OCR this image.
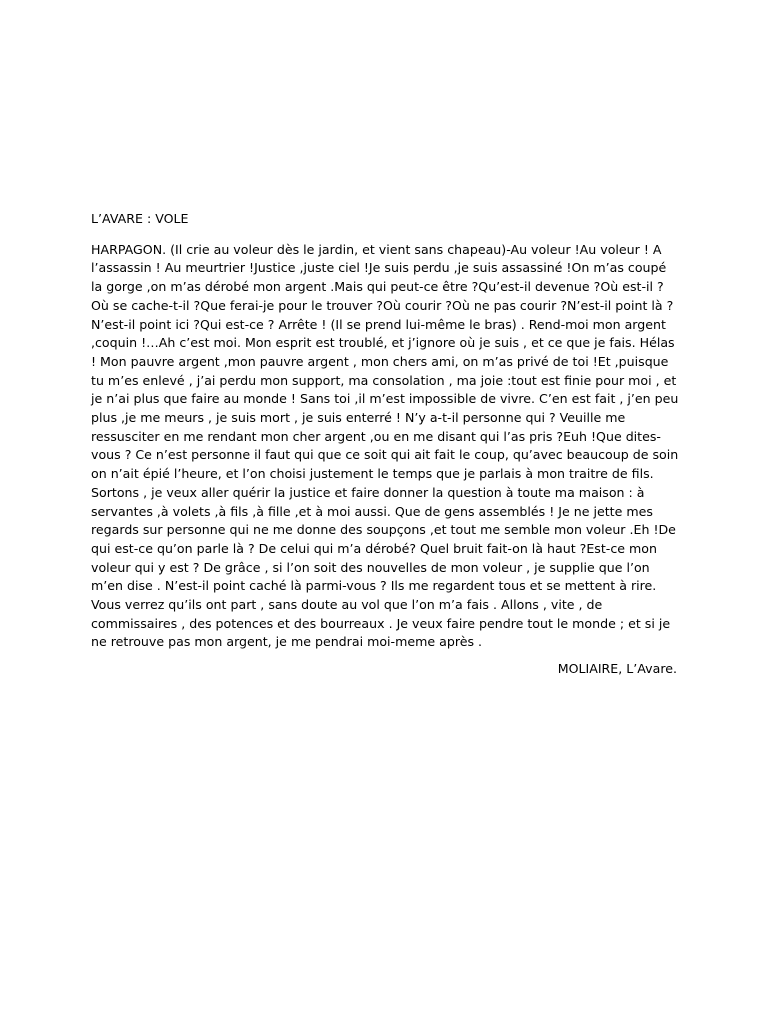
L’AVARE : VOLE

HARPAGON. (Il crie au voleur dès le jardin, et vient sans chapeau)-Au voleur !Au voleur ! A l’assassin ! Au meurtrier !Justice ,juste ciel !Je suis perdu ,je suis assassiné !On m’as coupé la gorge ,on m’as dérobé mon argent .Mais qui peut-ce être ?Qu’est-il devenue ?Où est-il ?Où se cache-t-il ?Que ferai-je pour le trouver ?Où courir ?Où ne pas courir ?N’est-il point là ?N’est-il point ici ?Qui est-ce ? Arrête ! (Il se prend lui-même le bras) . Rend-moi mon argent ,coquin !…Ah c’est moi. Mon esprit est troublé, et j’ignore où je suis , et ce que je fais. Hélas ! Mon pauvre argent ,mon pauvre argent , mon chers ami, on m’as privé de toi !Et ,puisque tu m’es enlevé , j’ai perdu mon support, ma consolation , ma joie :tout est finie pour moi , et je n’ai plus que faire au monde ! Sans toi ,il m’est impossible de vivre. C’en est fait , j’en peu plus ,je me meurs , je suis mort , je suis enterré ! N’y a-t-il personne qui ? Veuille me ressusciter en me rendant mon cher argent ,ou en me disant qui l’as pris ?Euh !Que dites-vous ? Ce n’est personne il faut qui que ce soit qui ait fait le coup, qu’avec beaucoup de soin on n’ait épié l’heure, et l’on choisi justement le temps que je parlais à mon traitre de fils. Sortons , je veux aller quérir la justice et faire donner la question à toute ma maison : à servantes ,à volets ,à fils ,à fille ,et à moi aussi. Que de gens assemblés ! Je ne jette mes regards sur personne qui ne me donne des soupçons ,et tout me semble mon voleur .Eh !De qui est-ce qu’on parle là ? De celui qui m’a dérobé? Quel bruit fait-on là haut ?Est-ce mon voleur qui y est ? De grâce , si l’on soit des nouvelles de mon voleur , je supplie que l’on m’en dise . N’est-il point caché là parmi-vous ? Ils me regardent tous et se mettent à rire. Vous verrez qu’ils ont part , sans doute au vol que l’on m’a fais . Allons , vite , de commissaires , des potences et des bourreaux . Je veux faire pendre tout le monde ; et si je ne retrouve pas mon argent, je me pendrai moi-meme après .

MOLIAIRE, L’Avare.
